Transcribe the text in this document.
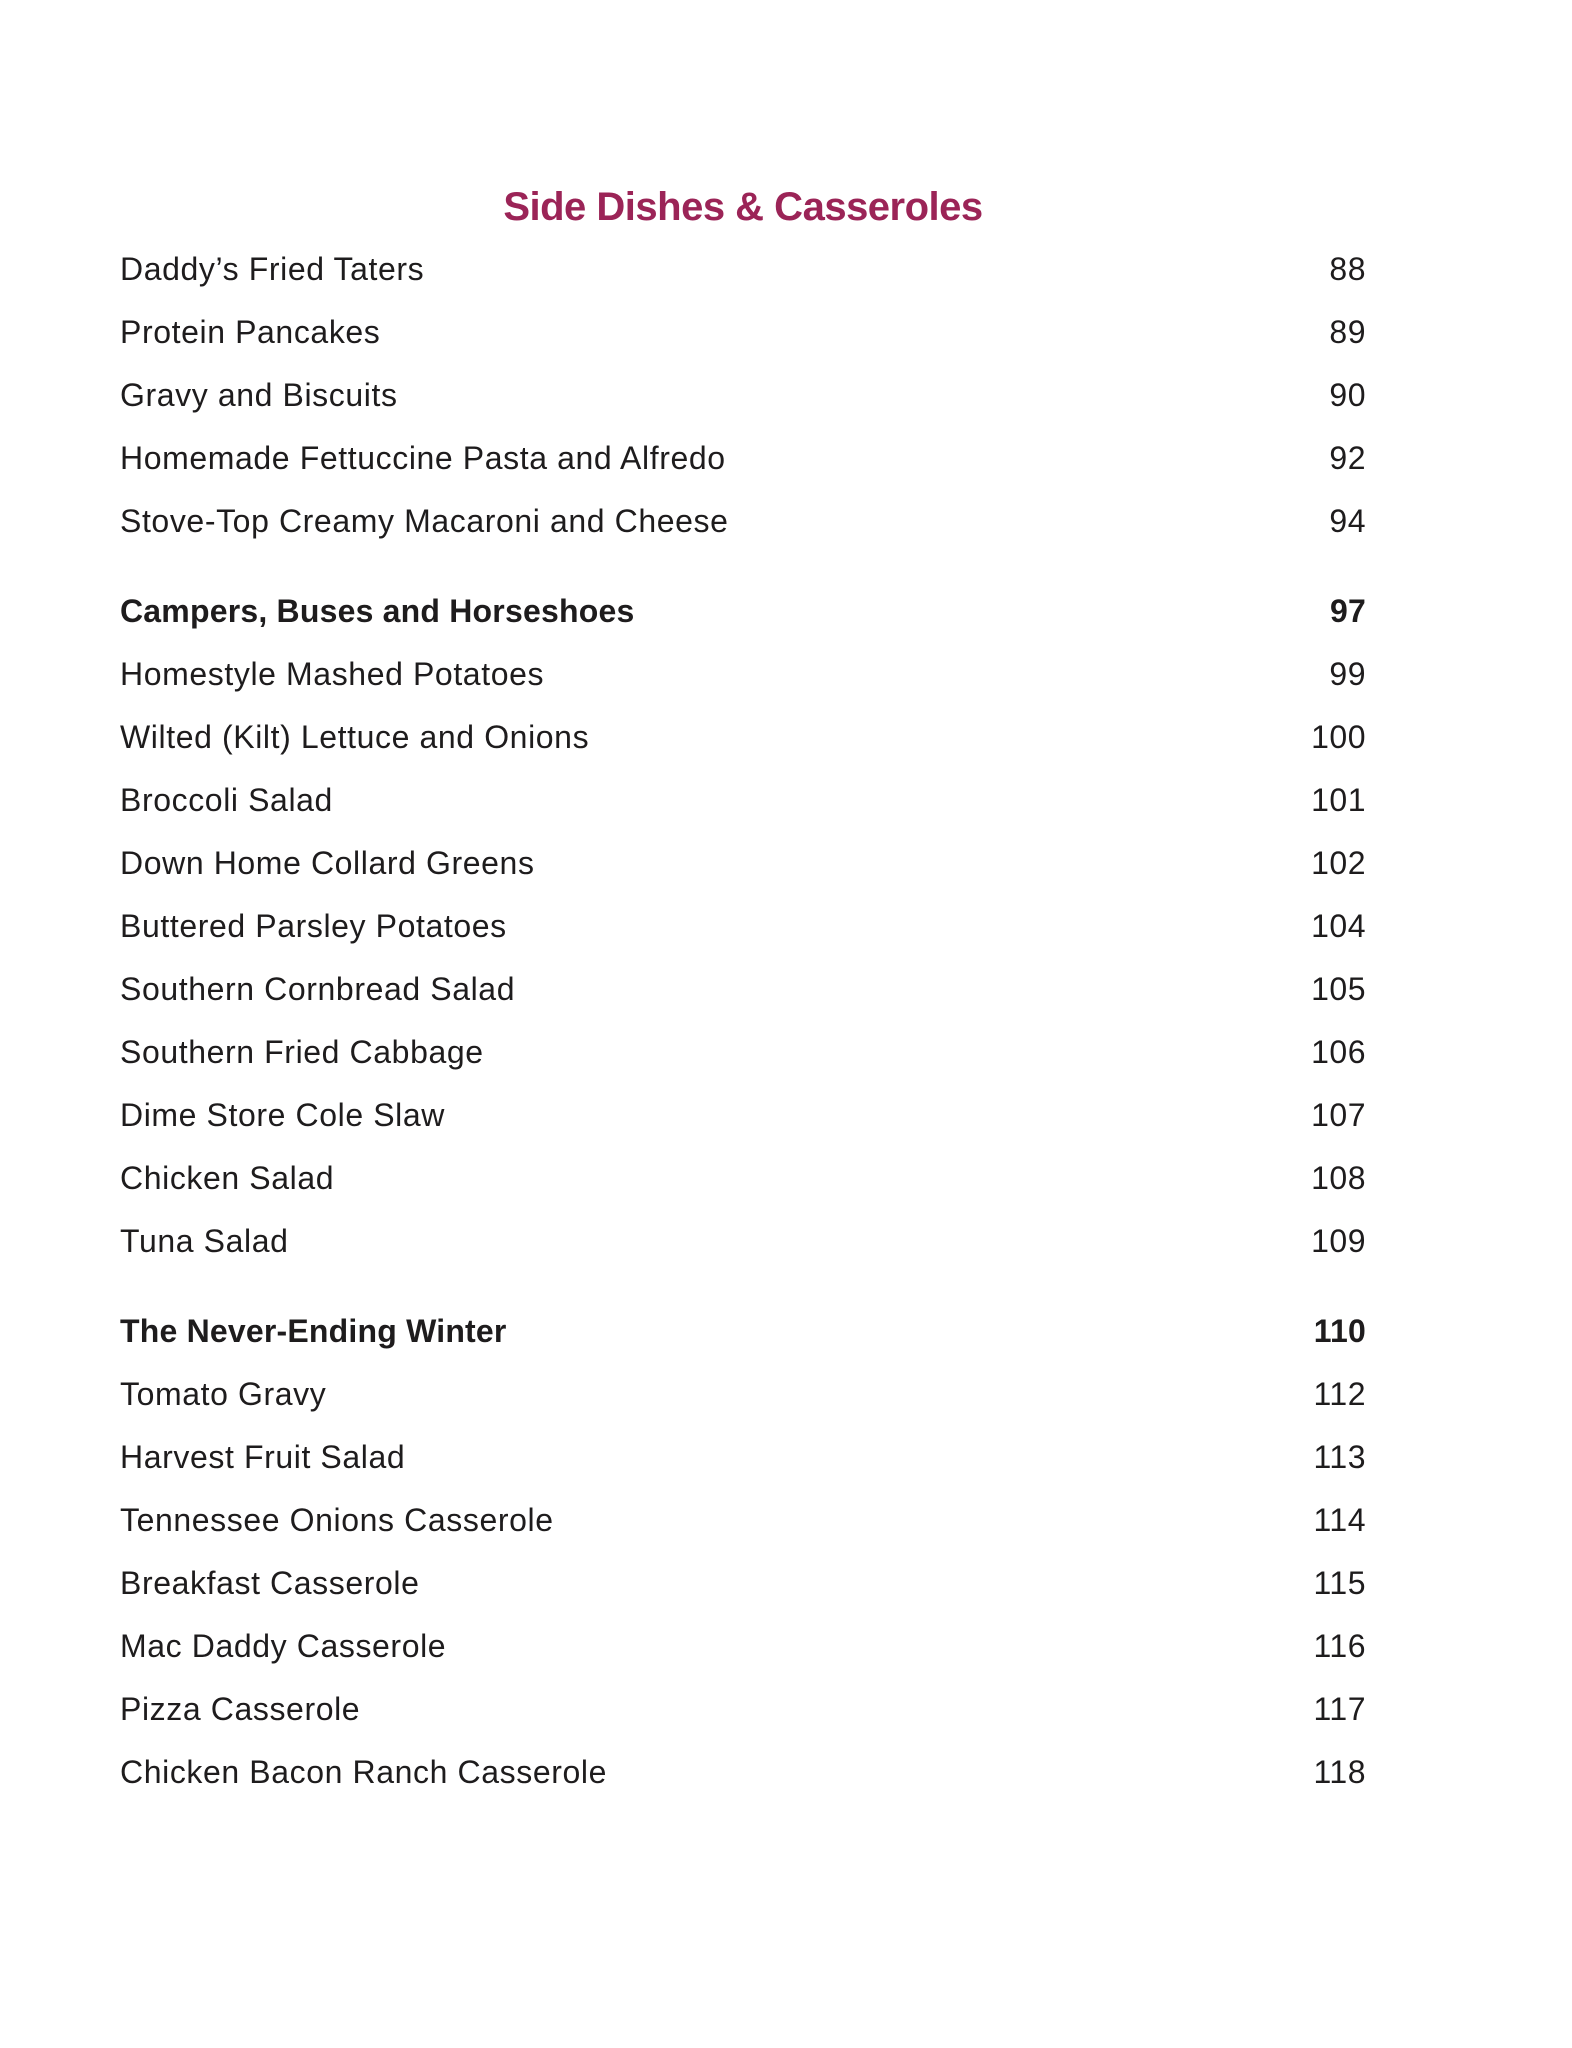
Side Dishes & Casseroles
Daddy’s Fried Taters	88
Protein Pancakes	89
Gravy and Biscuits	90
Homemade Fettuccine Pasta and Alfredo	92
Stove-Top Creamy Macaroni and Cheese	94
Campers, Buses and Horseshoes	97
Homestyle Mashed Potatoes	99
Wilted (Kilt) Lettuce and Onions	100
Broccoli Salad	101
Down Home Collard Greens	102
Buttered Parsley Potatoes	104
Southern Cornbread Salad	105
Southern Fried Cabbage	106
Dime Store Cole Slaw	107
Chicken Salad	108
Tuna Salad	109
The Never-Ending Winter	110
Tomato Gravy	112
Harvest Fruit Salad	113
Tennessee Onions Casserole	114
Breakfast Casserole	115
Mac Daddy Casserole	116
Pizza Casserole	117
Chicken Bacon Ranch Casserole	118
